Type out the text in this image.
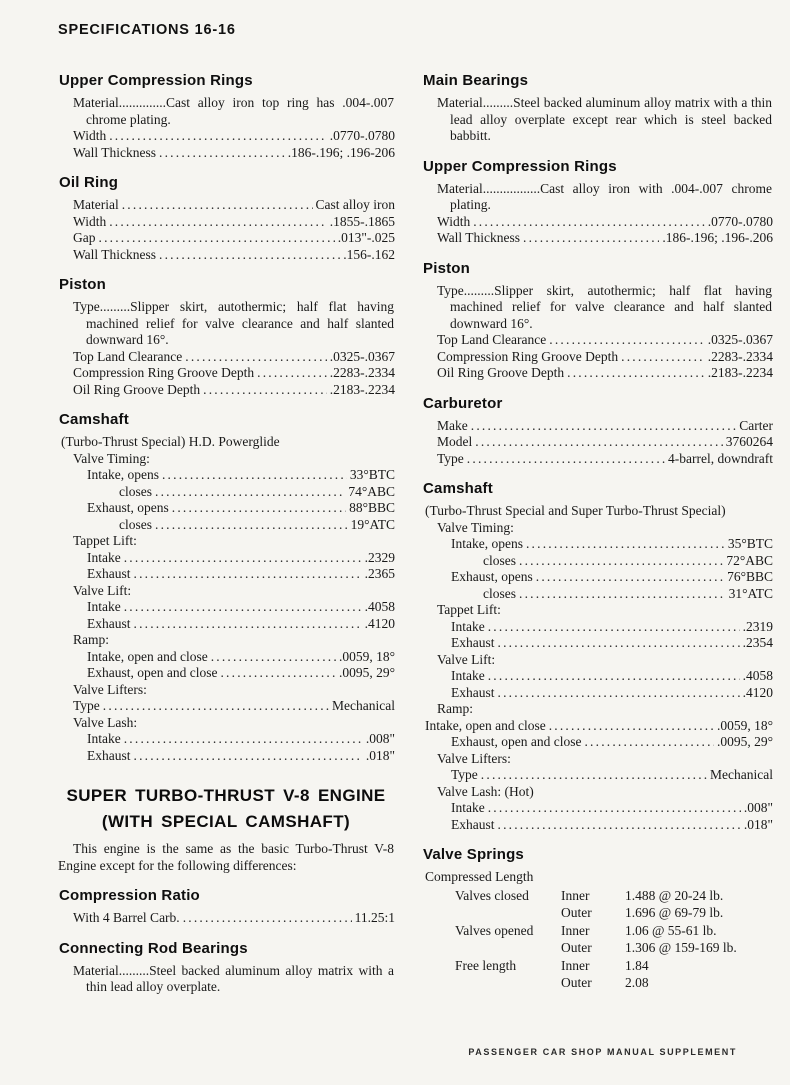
SPECIFICATIONS 16-16
Upper Compression Rings
Material..............Cast alloy iron top ring has .004-.007 chrome plating.
Width .....	.0770-.0780
Wall Thickness .....	.186-.196; .196-206
Oil Ring
Material .....	Cast alloy iron
Width .....	.1855-.1865
Gap .....	.013"-.025
Wall Thickness .....	.156-.162
Piston
Type.........Slipper skirt, autothermic; half flat having machined relief for valve clearance and half slanted downward 16°.
Top Land Clearance .....	.0325-.0367
Compression Ring Groove Depth .....	.2283-.2334
Oil Ring Groove Depth .....	.2183-.2234
Camshaft
(Turbo-Thrust Special) H.D. Powerglide
Valve Timing:
Intake, opens .....	33°BTC
closes .....	74°ABC
Exhaust, opens .....	88°BBC
closes .....	19°ATC
Tappet Lift:
Intake .....	.2329
Exhaust .....	.2365
Valve Lift:
Intake .....	.4058
Exhaust .....	.4120
Ramp:
Intake, open and close .....	.0059, 18°
Exhaust, open and close .....	.0095, 29°
Valve Lifters:
Type .....	Mechanical
Valve Lash:
Intake .....	.008"
Exhaust .....	.018"
SUPER TURBO-THRUST V-8 ENGINE
(WITH SPECIAL CAMSHAFT)
This engine is the same as the basic Turbo-Thrust V-8 Engine except for the following differences:
Compression Ratio
With 4 Barrel Carb. .....	11.25:1
Connecting Rod Bearings
Material.........Steel backed aluminum alloy matrix with a thin lead alloy overplate.
Main Bearings
Material.........Steel backed aluminum alloy matrix with a thin lead alloy overplate except rear which is steel backed babbitt.
Upper Compression Rings
Material.................Cast alloy iron with .004-.007 chrome plating.
Width .....	.0770-.0780
Wall Thickness .....	.186-.196; .196-.206
Piston
Type.........Slipper skirt, autothermic; half flat having machined relief for valve clearance and half slanted downward 16°.
Top Land Clearance .....	.0325-.0367
Compression Ring Groove Depth .....	.2283-.2334
Oil Ring Groove Depth .....	.2183-.2234
Carburetor
Make .....	Carter
Model .....	3760264
Type .....	4-barrel, downdraft
Camshaft
(Turbo-Thrust Special and Super Turbo-Thrust Special)
Valve Timing:
Intake, opens .....	35°BTC
closes .....	72°ABC
Exhaust, opens .....	76°BBC
closes .....	31°ATC
Tappet Lift:
Intake .....	.2319
Exhaust .....	.2354
Valve Lift:
Intake .....	.4058
Exhaust .....	.4120
Ramp:
Intake, open and close .....	.0059, 18°
Exhaust, open and close .....	.0095, 29°
Valve Lifters:
Type .....	Mechanical
Valve Lash: (Hot)
Intake .....	.008"
Exhaust .....	.018"
Valve Springs
Compressed Length
Valves closed	Inner	1.488 @ 20-24 lb.
Outer	1.696 @ 69-79 lb.
Valves opened	Inner	1.06 @ 55-61 lb.
Outer	1.306 @ 159-169 lb.
Free length	Inner	1.84
Outer	2.08
PASSENGER CAR SHOP MANUAL SUPPLEMENT
